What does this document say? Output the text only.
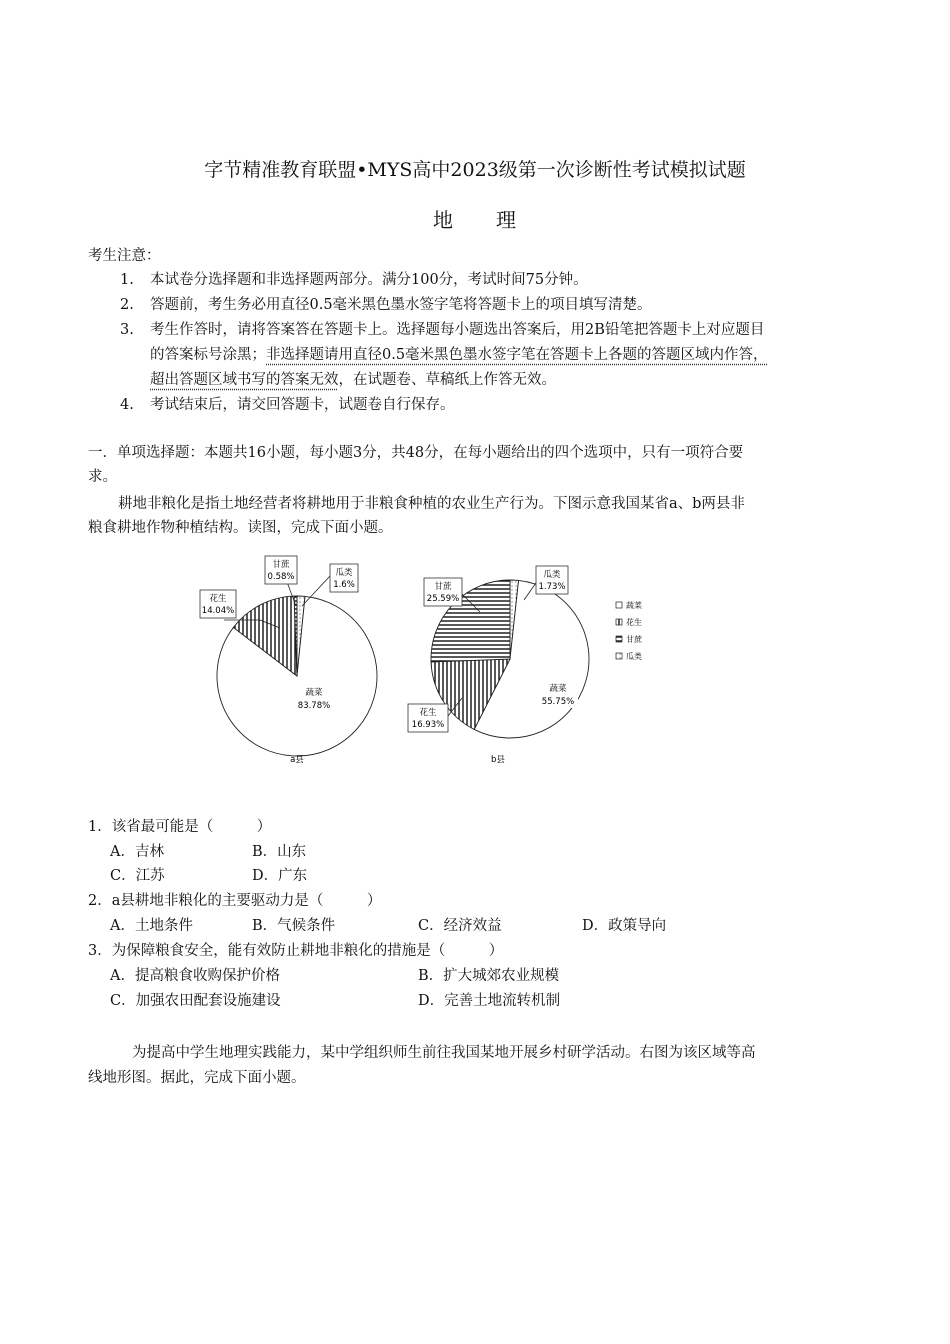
字节精准教育联盟•MYS高中2023级第一次诊断性考试模拟试题
地　　理
考生注意：
1. 本试卷分选择题和非选择题两部分。满分100分，考试时间75分钟。
2. 答题前，考生务必用直径0.5毫米黑色墨水签字笔将答题卡上的项目填写清楚。
3. 考生作答时，请将答案答在答题卡上。选择题每小题选出答案后，用2B铅笔把答题卡上对应题目
的答案标号涂黑；非选择题请用直径0.5毫米黑色墨水签字笔在答题卡上各题的答题区域内作答，
超出答题区域书写的答案无效，在试题卷、草稿纸上作答无效。
4. 考试结束后，请交回答题卡，试题卷自行保存。
一．单项选择题：本题共16小题，每小题3分，共48分，在每小题给出的四个选项中，只有一项符合要
求。
耕地非粮化是指土地经营者将耕地用于非粮食种植的农业生产行为。下图示意我国某省a、b两县非
粮食耕地作物种植结构。读图，完成下面小题。
花生
14.04%
甘蔗
0.58%	瓜类
1.6%
蔬菜
83.78%
a县
甘蔗
25.59%
瓜类
1.73%
花生
16.93%
蔬菜
55.75%
b县
蔬菜
花生
甘蔗
瓜类
1．该省最可能是（　　　）
A．吉林	B．山东
C．江苏	D．广东
2．a县耕地非粮化的主要驱动力是（　　　）
A．土地条件	B．气候条件	C．经济效益	D．政策导向
3．为保障粮食安全，能有效防止耕地非粮化的措施是（　　　）
A．提高粮食收购保护价格	B．扩大城郊农业规模
C．加强农田配套设施建设	D．完善土地流转机制
为提高中学生地理实践能力，某中学组织师生前往我国某地开展乡村研学活动。右图为该区域等高
线地形图。据此，完成下面小题。
